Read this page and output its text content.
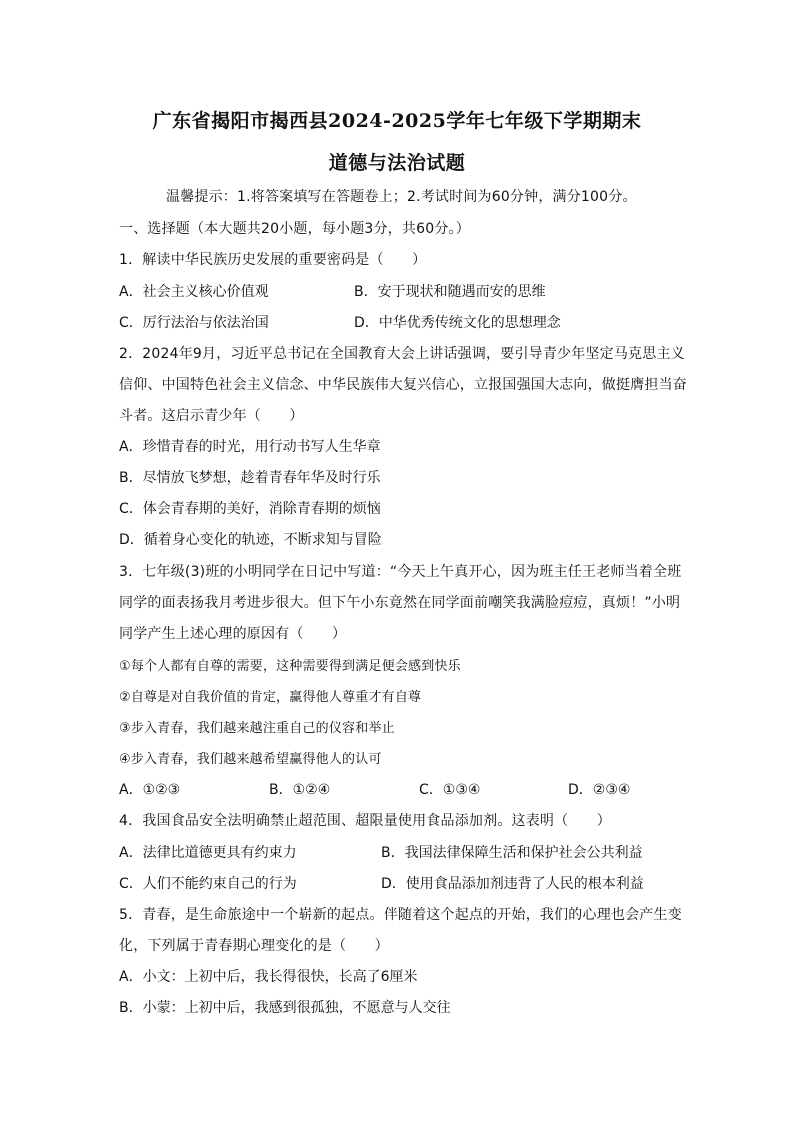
广东省揭阳市揭西县2024-2025学年七年级下学期期末
道德与法治试题
温馨提示：1.将答案填写在答题卷上；2.考试时间为60分钟，满分100分。
一、选择题（本大题共20小题，每小题3分，共60分。）
1．解读中华民族历史发展的重要密码是（　　）
A．社会主义核心价值观	B．安于现状和随遇而安的思维
C．厉行法治与依法治国	D．中华优秀传统文化的思想理念
2．2024年9月，习近平总书记在全国教育大会上讲话强调，要引导青少年坚定马克思主义
信仰、中国特色社会主义信念、中华民族伟大复兴信心，立报国强国大志向，做挺膺担当奋
斗者。这启示青少年（　　）
A．珍惜青春的时光，用行动书写人生华章
B．尽情放飞梦想，趁着青春年华及时行乐
C．体会青春期的美好，消除青春期的烦恼
D．循着身心变化的轨迹，不断求知与冒险
3．七年级(3)班的小明同学在日记中写道：“今天上午真开心，因为班主任王老师当着全班
同学的面表扬我月考进步很大。但下午小东竟然在同学面前嘲笑我满脸痘痘，真烦！”小明
同学产生上述心理的原因有（　　）
①每个人都有自尊的需要，这种需要得到满足便会感到快乐
②自尊是对自我价值的肯定，赢得他人尊重才有自尊
③步入青春，我们越来越注重自己的仪容和举止
④步入青春，我们越来越希望赢得他人的认可
A．①②③	B．①②④	C．①③④	D．②③④
4．我国食品安全法明确禁止超范围、超限量使用食品添加剂。这表明（　　）
A．法律比道德更具有约束力	B．我国法律保障生活和保护社会公共利益
C．人们不能约束自己的行为	D．使用食品添加剂违背了人民的根本利益
5．青春，是生命旅途中一个崭新的起点。伴随着这个起点的开始，我们的心理也会产生变
化，下列属于青春期心理变化的是（　　）
A．小文：上初中后，我长得很快，长高了6厘米
B．小蒙：上初中后，我感到很孤独，不愿意与人交往
